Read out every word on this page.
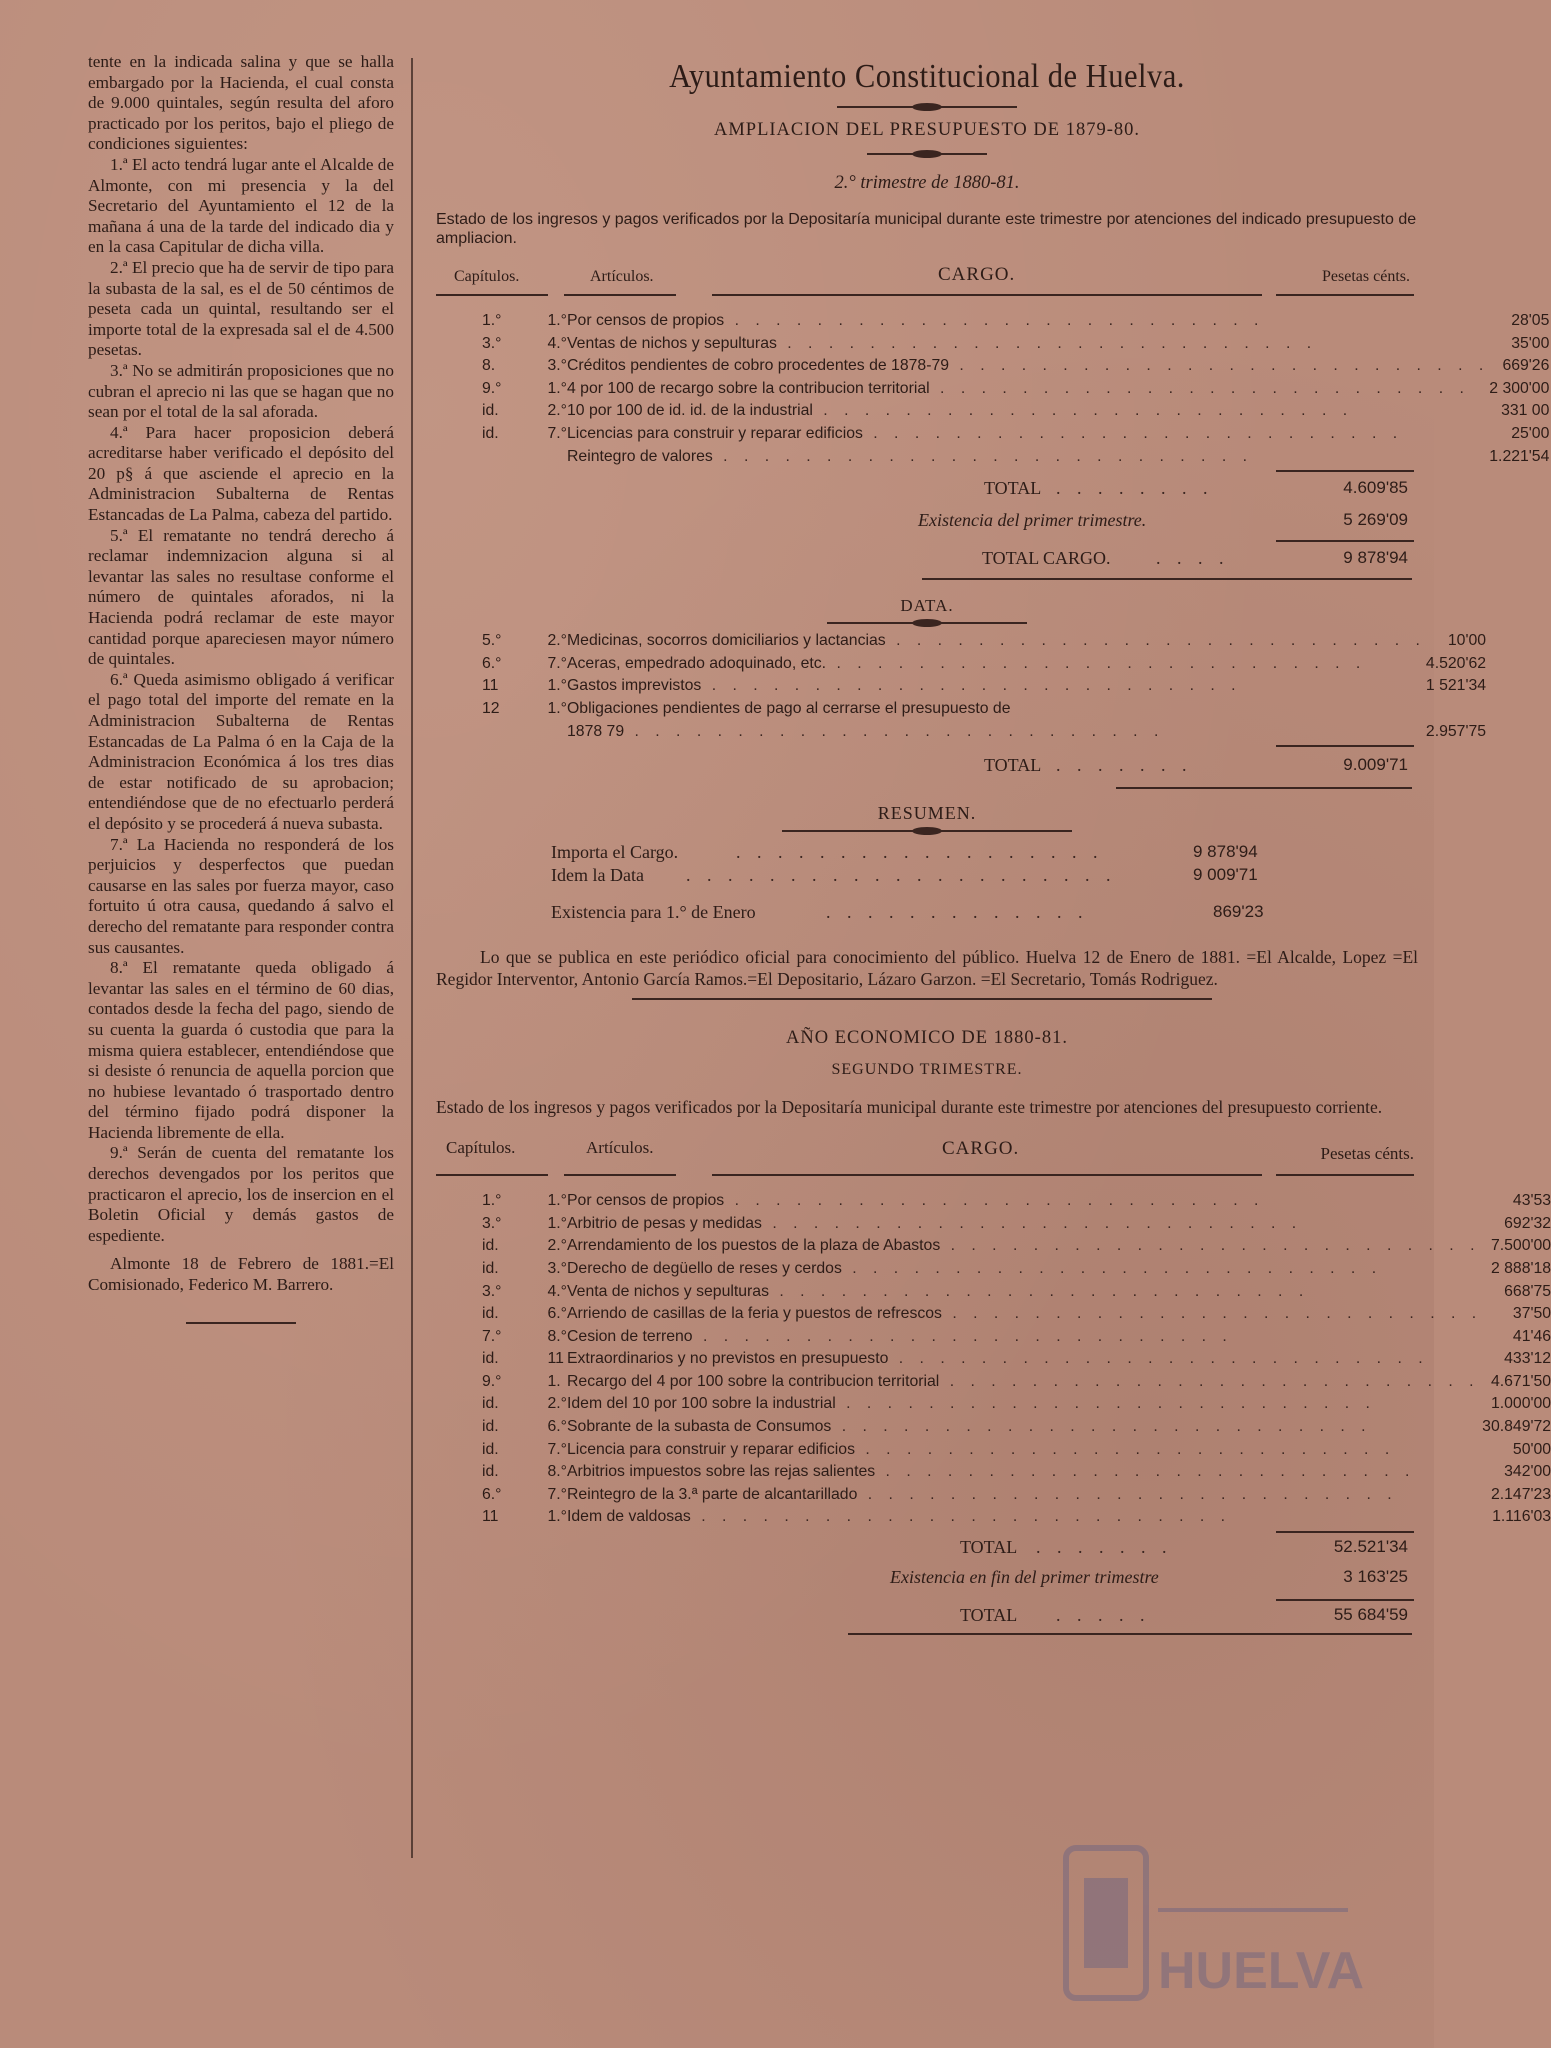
tente en la indicada salina y que se halla embargado por la Hacienda, el cual consta de 9.000 quintales, según resulta del aforo practicado por los peritos, bajo el pliego de condiciones siguientes:

1.ª El acto tendrá lugar ante el Alcalde de Almonte, con mi presencia y la del Secretario del Ayuntamiento el 12 de la mañana á una de la tarde del indicado dia y en la casa Capitular de dicha villa.

2.ª El precio que ha de servir de tipo para la subasta de la sal, es el de 50 céntimos de peseta cada un quintal, resultando ser el importe total de la expresada sal el de 4.500 pesetas.

3.ª No se admitirán proposiciones que no cubran el aprecio ni las que se hagan que no sean por el total de la sal aforada.

4.ª Para hacer proposicion deberá acreditarse haber verificado el depósito del 20 p§ á que asciende el aprecio en la Administracion Subalterna de Rentas Estancadas de La Palma, cabeza del partido.

5.ª El rematante no tendrá derecho á reclamar indemnizacion alguna si al levantar las sales no resultase conforme el número de quintales aforados, ni la Hacienda podrá reclamar de este mayor cantidad porque apareciesen mayor número de quintales.

6.ª Queda asimismo obligado á verificar el pago total del importe del remate en la Administracion Subalterna de Rentas Estancadas de La Palma ó en la Caja de la Administracion Económica á los tres dias de estar notificado de su aprobacion; entendiéndose que de no efectuarlo perderá el depósito y se procederá á nueva subasta.

7.ª La Hacienda no responderá de los perjuicios y desperfectos que puedan causarse en las sales por fuerza mayor, caso fortuito ú otra causa, quedando á salvo el derecho del rematante para responder contra sus causantes.

8.ª El rematante queda obligado á levantar las sales en el término de 60 dias, contados desde la fecha del pago, siendo de su cuenta la guarda ó custodia que para la misma quiera establecer, entendiéndose que si desiste ó renuncia de aquella porcion que no hubiese levantado ó trasportado dentro del término fijado podrá disponer la Hacienda libremente de ella.

9.ª Serán de cuenta del rematante los derechos devengados por los peritos que practicaron el aprecio, los de insercion en el Boletin Oficial y demás gastos de espediente.

Almonte 18 de Febrero de 1881.=El Comisionado, Federico M. Barrero.

Ayuntamiento Constitucional de Huelva.
AMPLIACION DEL PRESUPUESTO DE 1879-80.
2.° trimestre de 1880-81.
Estado de los ingresos y pagos verificados por la Depositaría municipal durante este trimestre por atenciones del indicado presupuesto de ampliacion.
Capítulos.	Artículos.	CARGO.	Pesetas cénts.
1.°	1.°	Por censos de propios . . . . . . . . . . . . . . . . . . . . . . . . . .	28'05
3.°	4.°	Ventas de nichos y sepulturas . . . . . . . . . . . . . . . . . . . . . . . . . .	35'00
8.	3.°	Créditos pendientes de cobro procedentes de 1878-79 . . . . . . . . . . . . . . . . . . . . . . . . . .	669'26
9.°	1.°	4 por 100 de recargo sobre la contribucion territorial . . . . . . . . . . . . . . . . . . . . . . . . . .	2 300'00
id.	2.°	10 por 100 de id. id. de la industrial . . . . . . . . . . . . . . . . . . . . . . . . . .	331 00
id.	7.°	Licencias para construir y reparar edificios . . . . . . . . . . . . . . . . . . . . . . . . . .	25'00
		Reintegro de valores . . . . . . . . . . . . . . . . . . . . . . . . . .	1.221'54
TOTAL . . . . . . . .	4.609'85
Existencia del primer trimestre.	5 269'09
TOTAL CARGO.	. . . .	9 878'94
DATA.
5.°	2.°	Medicinas, socorros domiciliarios y lactancias . . . . . . . . . . . . . . . . . . . . . . . . . .	10'00
6.°	7.°	Aceras, empedrado adoquinado, etc. . . . . . . . . . . . . . . . . . . . . . . . . . .	4.520'62
11	1.°	Gastos imprevistos . . . . . . . . . . . . . . . . . . . . . . . . . .	1 521'34
12	1.°	Obligaciones pendientes de pago al cerrarse el presupuesto de	
		1878 79 . . . . . . . . . . . . . . . . . . . . . . . . . .	2.957'75
TOTAL . . . . . . .	9.009'71
RESUMEN.
Importa el Cargo.	. . . . . . . . . . . . . . . . . .	9 878'94
Idem la Data . . . . . . . . . . . . . . . . . . . . .	9 009'71
Existencia para 1.° de Enero	. . . . . . . . . . . . .	869'23
Lo que se publica en este periódico oficial para conocimiento del público. Huelva 12 de Enero de 1881. =El Alcalde, Lopez =El Regidor Interventor, Antonio García Ramos.=El Depositario, Lázaro Garzon. =El Secretario, Tomás Rodriguez.
AÑO ECONOMICO DE 1880-81.
SEGUNDO TRIMESTRE.
Estado de los ingresos y pagos verificados por la Depositaría municipal durante este trimestre por atenciones del presupuesto corriente.
Capítulos.	Artículos.	CARGO.	Pesetas cénts.
1.°	1.°	Por censos de propios . . . . . . . . . . . . . . . . . . . . . . . . . .	43'53
3.°	1.°	Arbitrio de pesas y medidas . . . . . . . . . . . . . . . . . . . . . . . . . .	692'32
id.	2.°	Arrendamiento de los puestos de la plaza de Abastos . . . . . . . . . . . . . . . . . . . . . . . . . .	7.500'00
id.	3.°	Derecho de degüello de reses y cerdos . . . . . . . . . . . . . . . . . . . . . . . . . .	2 888'18
3.°	4.°	Venta de nichos y sepulturas . . . . . . . . . . . . . . . . . . . . . . . . . .	668'75
id.	6.°	Arriendo de casillas de la feria y puestos de refrescos . . . . . . . . . . . . . . . . . . . . . . . . . .	37'50
7.°	8.°	Cesion de terreno . . . . . . . . . . . . . . . . . . . . . . . . . .	41'46
id.	11	Extraordinarios y no previstos en presupuesto . . . . . . . . . . . . . . . . . . . . . . . . . .	433'12
9.°	1.	Recargo del 4 por 100 sobre la contribucion territorial . . . . . . . . . . . . . . . . . . . . . . . . . .	4.671'50
id.	2.°	Idem del 10 por 100 sobre la industrial . . . . . . . . . . . . . . . . . . . . . . . . . .	1.000'00
id.	6.°	Sobrante de la subasta de Consumos . . . . . . . . . . . . . . . . . . . . . . . . . .	30.849'72
id.	7.°	Licencia para construir y reparar edificios . . . . . . . . . . . . . . . . . . . . . . . . . .	50'00
id.	8.°	Arbitrios impuestos sobre las rejas salientes . . . . . . . . . . . . . . . . . . . . . . . . . .	342'00
6.°	7.°	Reintegro de la 3.ª parte de alcantarillado . . . . . . . . . . . . . . . . . . . . . . . . . .	2.147'23
11	1.°	Idem de valdosas . . . . . . . . . . . . . . . . . . . . . . . . . .	1.116'03
TOTAL . . . . . . .	52.521'34
Existencia en fin del primer trimestre	3 163'25
TOTAL . . . . .	55 684'59
HUELVA
